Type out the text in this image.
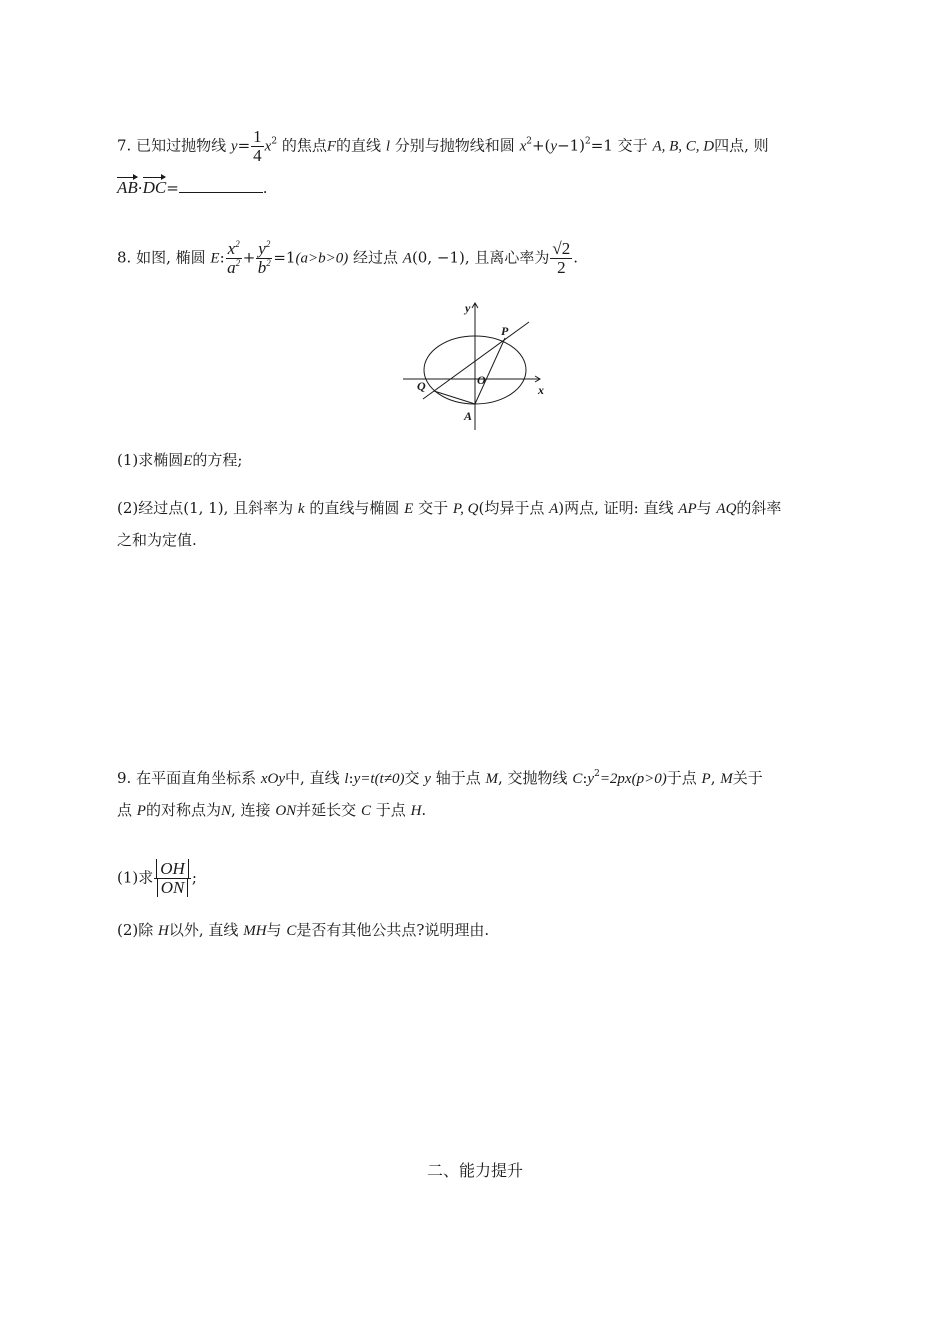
7. 已知过抛物线 $y= \frac{1}{4} x^2$ 的焦点F的直线 l 分别与抛物线和圆 $x^2+(y-1)^2=1$ 交于 A, B, C, D四点, 则
AB·DC=	.
8. 如图, 椭圆 E: $\frac{x^2}{a^2} + \frac{y^2}{b^2} =1(a>b>0)$ 经过点 A(0, −1), 且离心率为 $\frac{√2}{2}$ .
y
x
O
P
Q
A
(1)求椭圆E的方程;
(2)经过点(1, 1), 且斜率为 k 的直线与椭圆 E 交于 P, Q(均异于点 A)两点, 证明: 直线 AP与 AQ的斜率
之和为定值.
9. 在平面直角坐标系 xOy中, 直线 l:y=t(t≠0)交 y 轴于点 M, 交抛物线 $C:y^2=2px(p>0)$于点 P, M关于
点 P的对称点为N, 连接 ON并延长交 C 于点 H.
(1)求 $\frac{OH}{ON}$ ;
(2)除 H以外, 直线 MH与 C是否有其他公共点?说明理由.
二、能力提升
